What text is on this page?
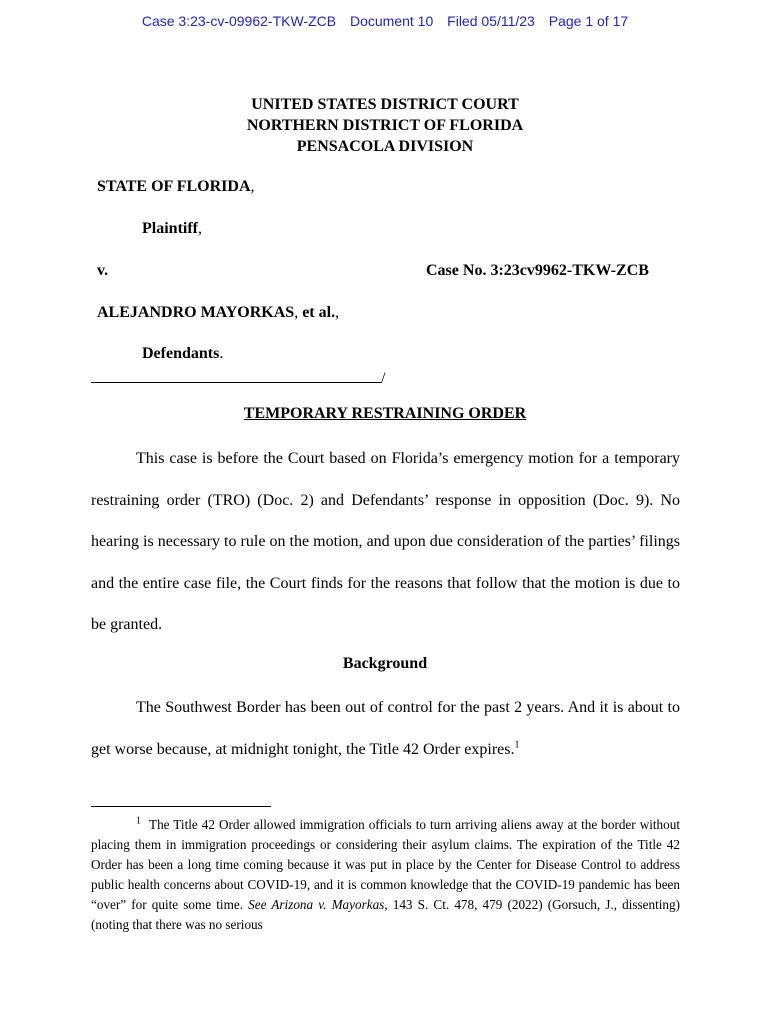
Case 3:23-cv-09962-TKW-ZCB Document 10 Filed 05/11/23 Page 1 of 17
UNITED STATES DISTRICT COURT
NORTHERN DISTRICT OF FLORIDA
PENSACOLA DIVISION
STATE OF FLORIDA,
Plaintiff,
v.	Case No. 3:23cv9962-TKW-ZCB
ALEJANDRO MAYORKAS, et al.,
Defendants.
/
TEMPORARY RESTRAINING ORDER

This case is before the Court based on Florida’s emergency motion for a temporary restraining order (TRO) (Doc. 2) and Defendants’ response in opposition (Doc. 9). No hearing is necessary to rule on the motion, and upon due consideration of the parties’ filings and the entire case file, the Court finds for the reasons that follow that the motion is due to be granted.

Background

The Southwest Border has been out of control for the past 2 years. And it is about to get worse because, at midnight tonight, the Title 42 Order expires.$^1$

$^1$ The Title 42 Order allowed immigration officials to turn arriving aliens away at the border without placing them in immigration proceedings or considering their asylum claims. The expiration of the Title 42 Order has been a long time coming because it was put in place by the Center for Disease Control to address public health concerns about COVID-19, and it is common knowledge that the COVID-19 pandemic has been “over” for quite some time. See Arizona v. Mayorkas, 143 S. Ct. 478, 479 (2022) (Gorsuch, J., dissenting) (noting that there was no serious
